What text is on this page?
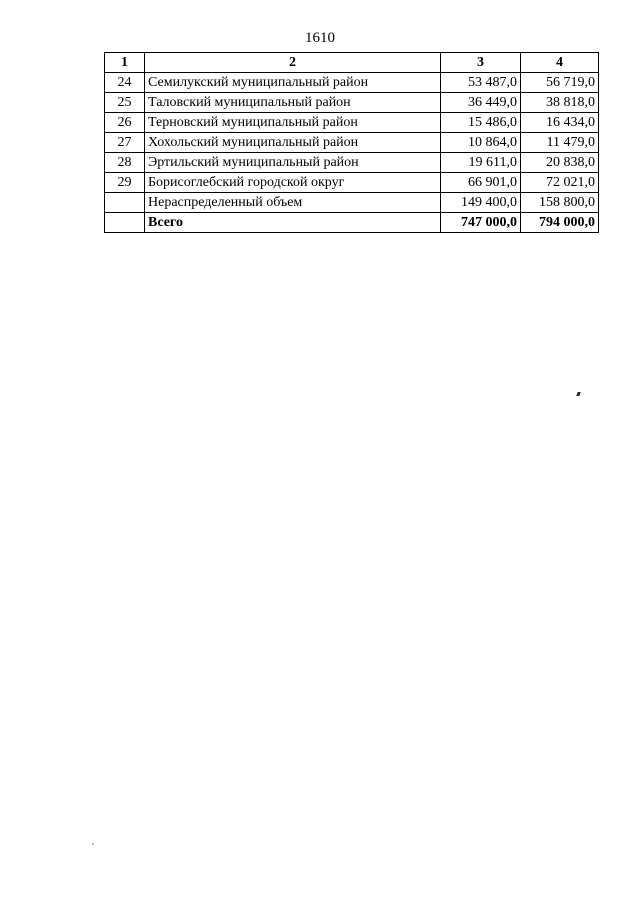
1610
1	2	3	4
24	Семилукский муниципальный район	53 487,0	56 719,0
25	Таловский муниципальный район	36 449,0	38 818,0
26	Терновский муниципальный район	15 486,0	16 434,0
27	Хохольский муниципальный район	10 864,0	11 479,0
28	Эртильский муниципальный район	19 611,0	20 838,0
29	Борисоглебский городской округ	66 901,0	72 021,0
	Нераспределенный объем	149 400,0	158 800,0
	Всего	747 000,0	794 000,0
